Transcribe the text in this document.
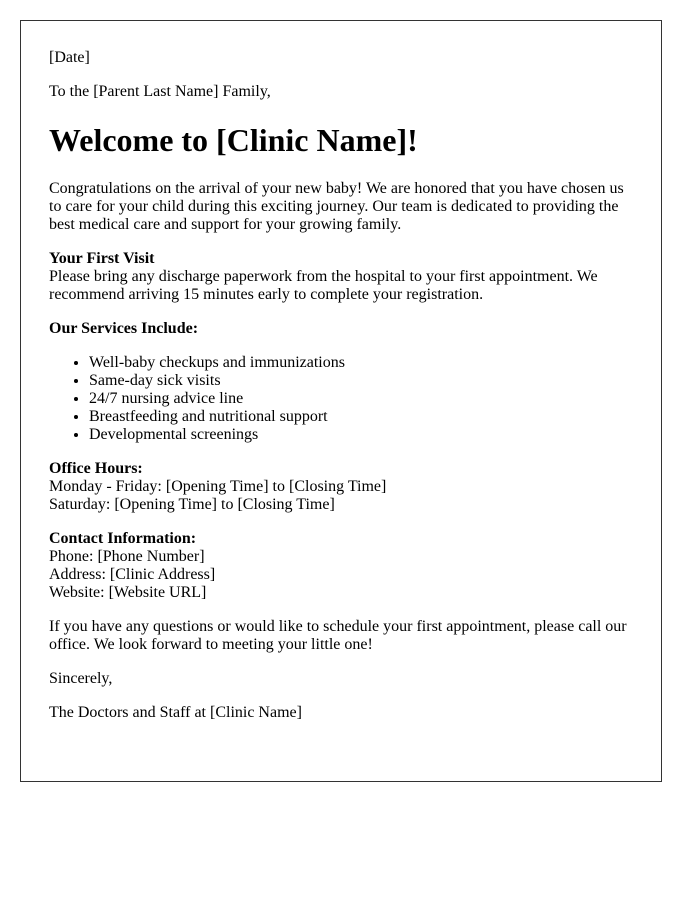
[Date]

To the [Parent Last Name] Family,

Welcome to [Clinic Name]!

Congratulations on the arrival of your new baby! We are honored that you have chosen us to care for your child during this exciting journey. Our team is dedicated to providing the best medical care and support for your growing family.

Your First Visit
Please bring any discharge paperwork from the hospital to your first appointment. We recommend arriving 15 minutes early to complete your registration.

Our Services Include:

• Well-baby checkups and immunizations
• Same-day sick visits
• 24/7 nursing advice line
• Breastfeeding and nutritional support
• Developmental screenings

Office Hours:
Monday - Friday: [Opening Time] to [Closing Time]
Saturday: [Opening Time] to [Closing Time]

Contact Information:
Phone: [Phone Number]
Address: [Clinic Address]
Website: [Website URL]

If you have any questions or would like to schedule your first appointment, please call our office. We look forward to meeting your little one!

Sincerely,

The Doctors and Staff at [Clinic Name]
